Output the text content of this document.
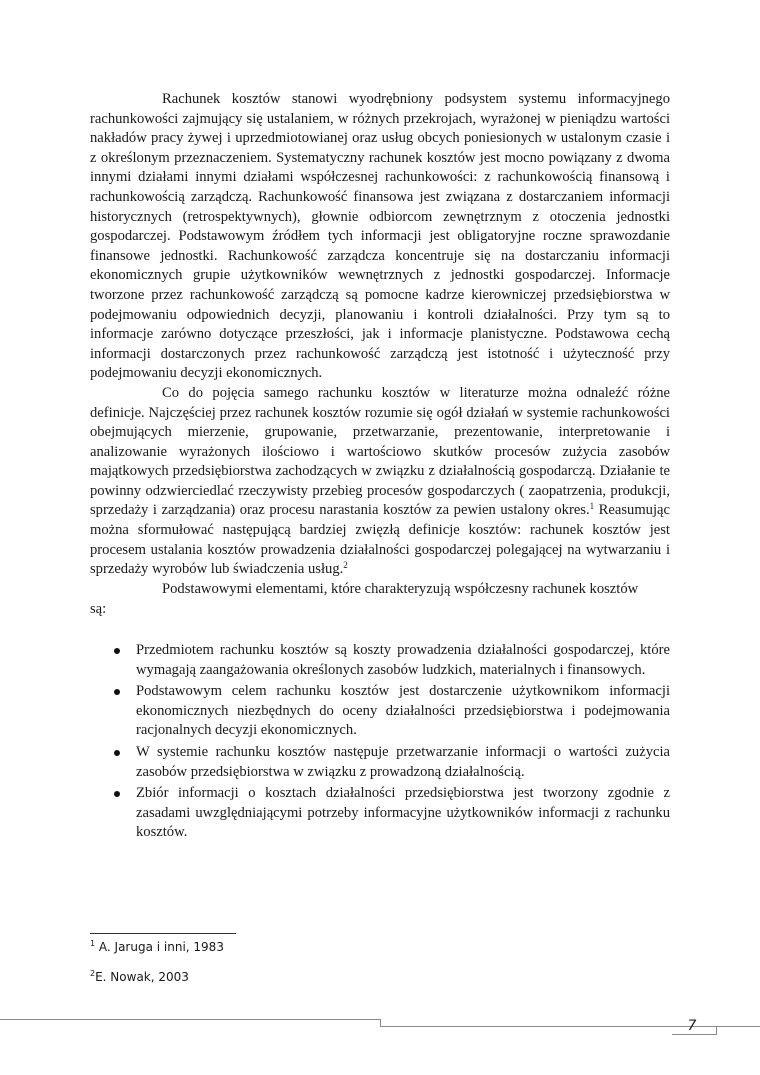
Rachunek kosztów stanowi wyodrębniony podsystem systemu informacyjnego rachunkowości zajmujący się ustalaniem, w różnych przekrojach, wyrażonej w pieniądzu wartości nakładów pracy żywej i uprzedmiotowianej oraz usług obcych poniesionych w ustalonym czasie i z określonym przeznaczeniem. Systematyczny rachunek kosztów jest mocno powiązany z dwoma innymi działami innymi działami współczesnej rachunkowości: z rachunkowością finansową i rachunkowością zarządczą. Rachunkowość finansowa jest związana z dostarczaniem informacji historycznych (retrospektywnych), głownie odbiorcom zewnętrznym z otoczenia jednostki gospodarczej. Podstawowym źródłem tych informacji jest obligatoryjne roczne sprawozdanie finansowe jednostki. Rachunkowość zarządcza koncentruje się na dostarczaniu informacji ekonomicznych grupie użytkowników wewnętrznych z jednostki gospodarczej. Informacje tworzone przez rachunkowość zarządczą są pomocne kadrze kierowniczej przedsiębiorstwa w podejmowaniu odpowiednich decyzji, planowaniu i kontroli działalności. Przy tym są to informacje zarówno dotyczące przeszłości, jak i informacje planistyczne. Podstawowa cechą informacji dostarczonych przez rachunkowość zarządczą jest istotność i użyteczność przy podejmowaniu decyzji ekonomicznych.

Co do pojęcia samego rachunku kosztów w literaturze można odnaleźć różne definicje. Najczęściej przez rachunek kosztów rozumie się ogół działań w systemie rachunkowości obejmujących mierzenie, grupowanie, przetwarzanie, prezentowanie, interpretowanie i analizowanie wyrażonych ilościowo i wartościowo skutków procesów zużycia zasobów majątkowych przedsiębiorstwa zachodzących w związku z działalnością gospodarczą. Działanie te powinny odzwierciedlać rzeczywisty przebieg procesów gospodarczych ( zaopatrzenia, produkcji, sprzedaży i zarządzania) oraz procesu narastania kosztów za pewien ustalony okres.$^1$ Reasumując można sformułować następującą bardziej zwięzłą definicje kosztów: rachunek kosztów jest procesem ustalania kosztów prowadzenia działalności gospodarczej polegającej na wytwarzaniu i sprzedaży wyrobów lub świadczenia usług.$^2$

Podstawowymi elementami, które charakteryzują współczesny rachunek kosztów

są:

Przedmiotem rachunku kosztów są koszty prowadzenia działalności gospodarczej, które wymagają zaangażowania określonych zasobów ludzkich, materialnych i finansowych.
Podstawowym celem rachunku kosztów jest dostarczenie użytkownikom informacji ekonomicznych niezbędnych do oceny działalności przedsiębiorstwa i podejmowania racjonalnych decyzji ekonomicznych.
W systemie rachunku kosztów następuje przetwarzanie informacji o wartości zużycia zasobów przedsiębiorstwa w związku z prowadzoną działalnością.
Zbiór informacji o kosztach działalności przedsiębiorstwa jest tworzony zgodnie z zasadami uwzględniającymi potrzeby informacyjne użytkowników informacji z rachunku kosztów.

$^1$ A. Jaruga i inni, 1983

$^2$E. Nowak, 2003

7
